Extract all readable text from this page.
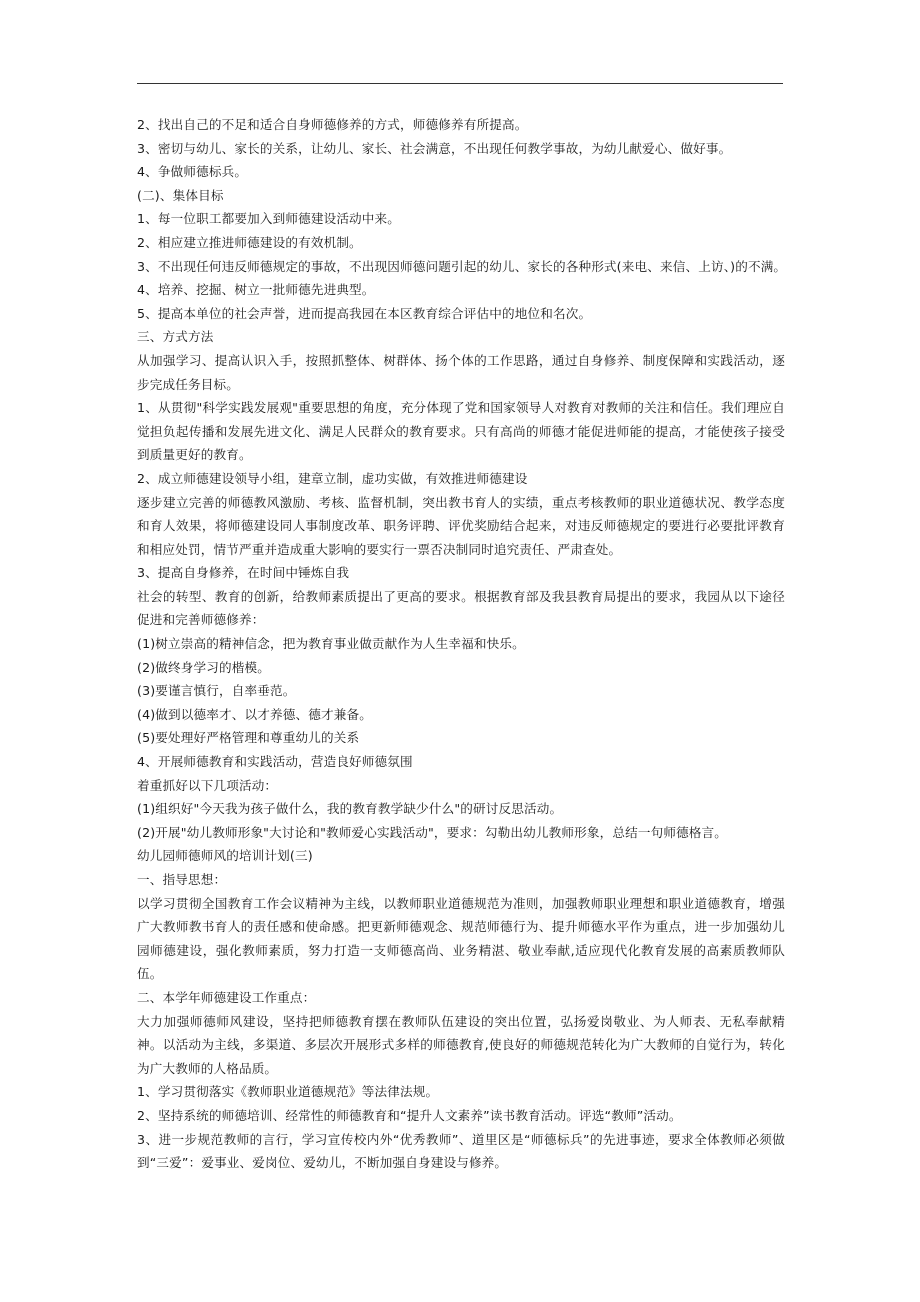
2、找出自己的不足和适合自身师德修养的方式，师德修养有所提高。

3、密切与幼儿、家长的关系，让幼儿、家长、社会满意，不出现任何教学事故，为幼儿献爱心、做好事。

4、争做师德标兵。

(二)、集体目标

1、每一位职工都要加入到师德建设活动中来。

2、相应建立推进师德建设的有效机制。

3、不出现任何违反师德规定的事故，不出现因师德问题引起的幼儿、家长的各种形式(来电、来信、上访、)的不满。

4、培养、挖掘、树立一批师德先进典型。

5、提高本单位的社会声誉，进而提高我园在本区教育综合评估中的地位和名次。

三、方式方法

从加强学习、提高认识入手，按照抓整体、树群体、扬个体的工作思路，通过自身修养、制度保障和实践活动，逐步完成任务目标。

1、从贯彻"科学实践发展观"重要思想的角度，充分体现了党和国家领导人对教育对教师的关注和信任。我们理应自觉担负起传播和发展先进文化、满足人民群众的教育要求。只有高尚的师德才能促进师能的提高，才能使孩子接受到质量更好的教育。

2、成立师德建设领导小组，建章立制，虚功实做，有效推进师德建设

逐步建立完善的师德教风激励、考核、监督机制，突出教书育人的实绩，重点考核教师的职业道德状况、教学态度和育人效果，将师德建设同人事制度改革、职务评聘、评优奖励结合起来，对违反师德规定的要进行必要批评教育和相应处罚，情节严重并造成重大影响的要实行一票否决制同时追究责任、严肃查处。

3、提高自身修养，在时间中锤炼自我

社会的转型、教育的创新，给教师素质提出了更高的要求。根据教育部及我县教育局提出的要求，我园从以下途径促进和完善师德修养：

(1)树立崇高的精神信念，把为教育事业做贡献作为人生幸福和快乐。

(2)做终身学习的楷模。

(3)要谨言慎行，自率垂范。

(4)做到以德率才、以才养德、德才兼备。

(5)要处理好严格管理和尊重幼儿的关系

4、开展师德教育和实践活动，营造良好师德氛围

着重抓好以下几项活动：

(1)组织好"今天我为孩子做什么，我的教育教学缺少什么"的研讨反思活动。

(2)开展"幼儿教师形象"大讨论和"教师爱心实践活动"，要求：勾勒出幼儿教师形象，总结一句师德格言。

幼儿园师德师风的培训计划(三)

一、指导思想：

以学习贯彻全国教育工作会议精神为主线，以教师职业道德规范为准则，加强教师职业理想和职业道德教育，增强广大教师教书育人的责任感和使命感。把更新师德观念、规范师德行为、提升师德水平作为重点，进一步加强幼儿园师德建设，强化教师素质，努力打造一支师德高尚、业务精湛、敬业奉献,适应现代化教育发展的高素质教师队伍。

二、本学年师德建设工作重点：

大力加强师德师风建设，坚持把师德教育摆在教师队伍建设的突出位置，弘扬爱岗敬业、为人师表、无私奉献精神。以活动为主线，多渠道、多层次开展形式多样的师德教育,使良好的师德规范转化为广大教师的自觉行为，转化为广大教师的人格品质。

1、学习贯彻落实《教师职业道德规范》等法律法规。

2、坚持系统的师德培训、经常性的师德教育和“提升人文素养”读书教育活动。评选“教师”活动。

3、进一步规范教师的言行，学习宣传校内外“优秀教师”、道里区是“师德标兵”的先进事迹，要求全体教师必须做到“三爱”：爱事业、爱岗位、爱幼儿，不断加强自身建设与修养。
